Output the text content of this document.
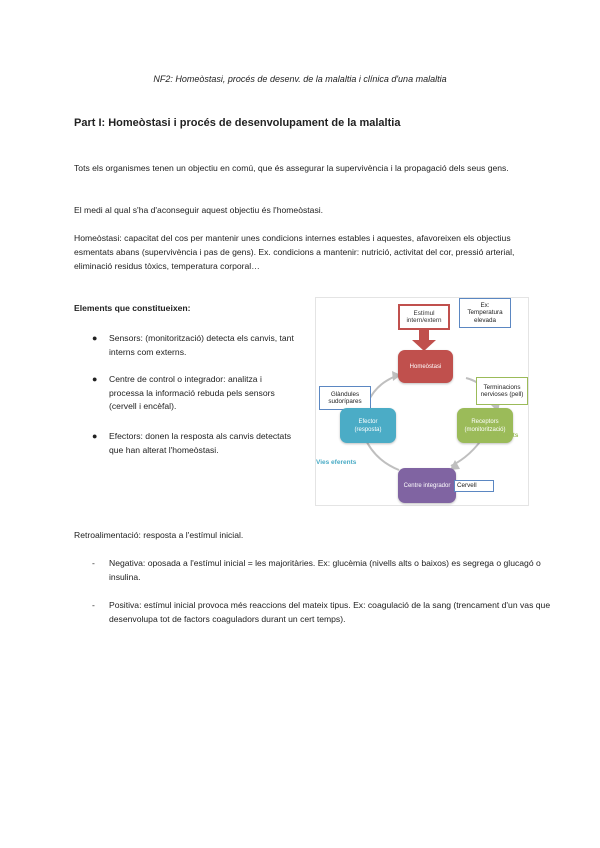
NF2: Homeòstasi, procés de desenv. de la malaltia i clínica d'una malaltia
Part I: Homeòstasi i procés de desenvolupament de la malaltia
Tots els organismes tenen un objectiu en comú, que és assegurar la supervivència i la propagació dels seus gens.
El medi al qual s'ha d'aconseguir aquest objectiu és l'homeòstasi.
Homeòstasi: capacitat del cos per mantenir unes condicions internes estables i aquestes, afavoreixen els objectius esmentats abans (supervivència i pas de gens). Ex. condicions a mantenir: nutrició, activitat del cor, pressió arterial, eliminació residus tòxics, temperatura corporal…
Elements que constitueixen:
● Sensors: (monitorització) detecta els canvis, tant interns com externs.
● Centre de control o integrador: analitza i processa la informació rebuda pels sensors (cervell i encèfal).
● Efectors: donen la resposta als canvis detectats que han alterat l'homeòstasi.
Estímul intern/extern
Ex: Temperatura elevada
Homeòstasi
Terminacions nervioses (pell)
Receptors
(monitorització)
Glàndules sudorípares
Efector
(resposta)
Vies eferents
Vies aferents
Centre integrador	Cervell
Retroalimentació: resposta a l'estímul inicial.
- Negativa: oposada a l'estímul inicial = les majoritàries. Ex: glucèmia (nivells alts o baixos) es segrega o glucagó o insulina.
- Positiva: estímul inicial provoca més reaccions del mateix tipus. Ex: coagulació de la sang (trencament d'un vas que desenvolupa tot de factors coaguladors durant un cert temps).
